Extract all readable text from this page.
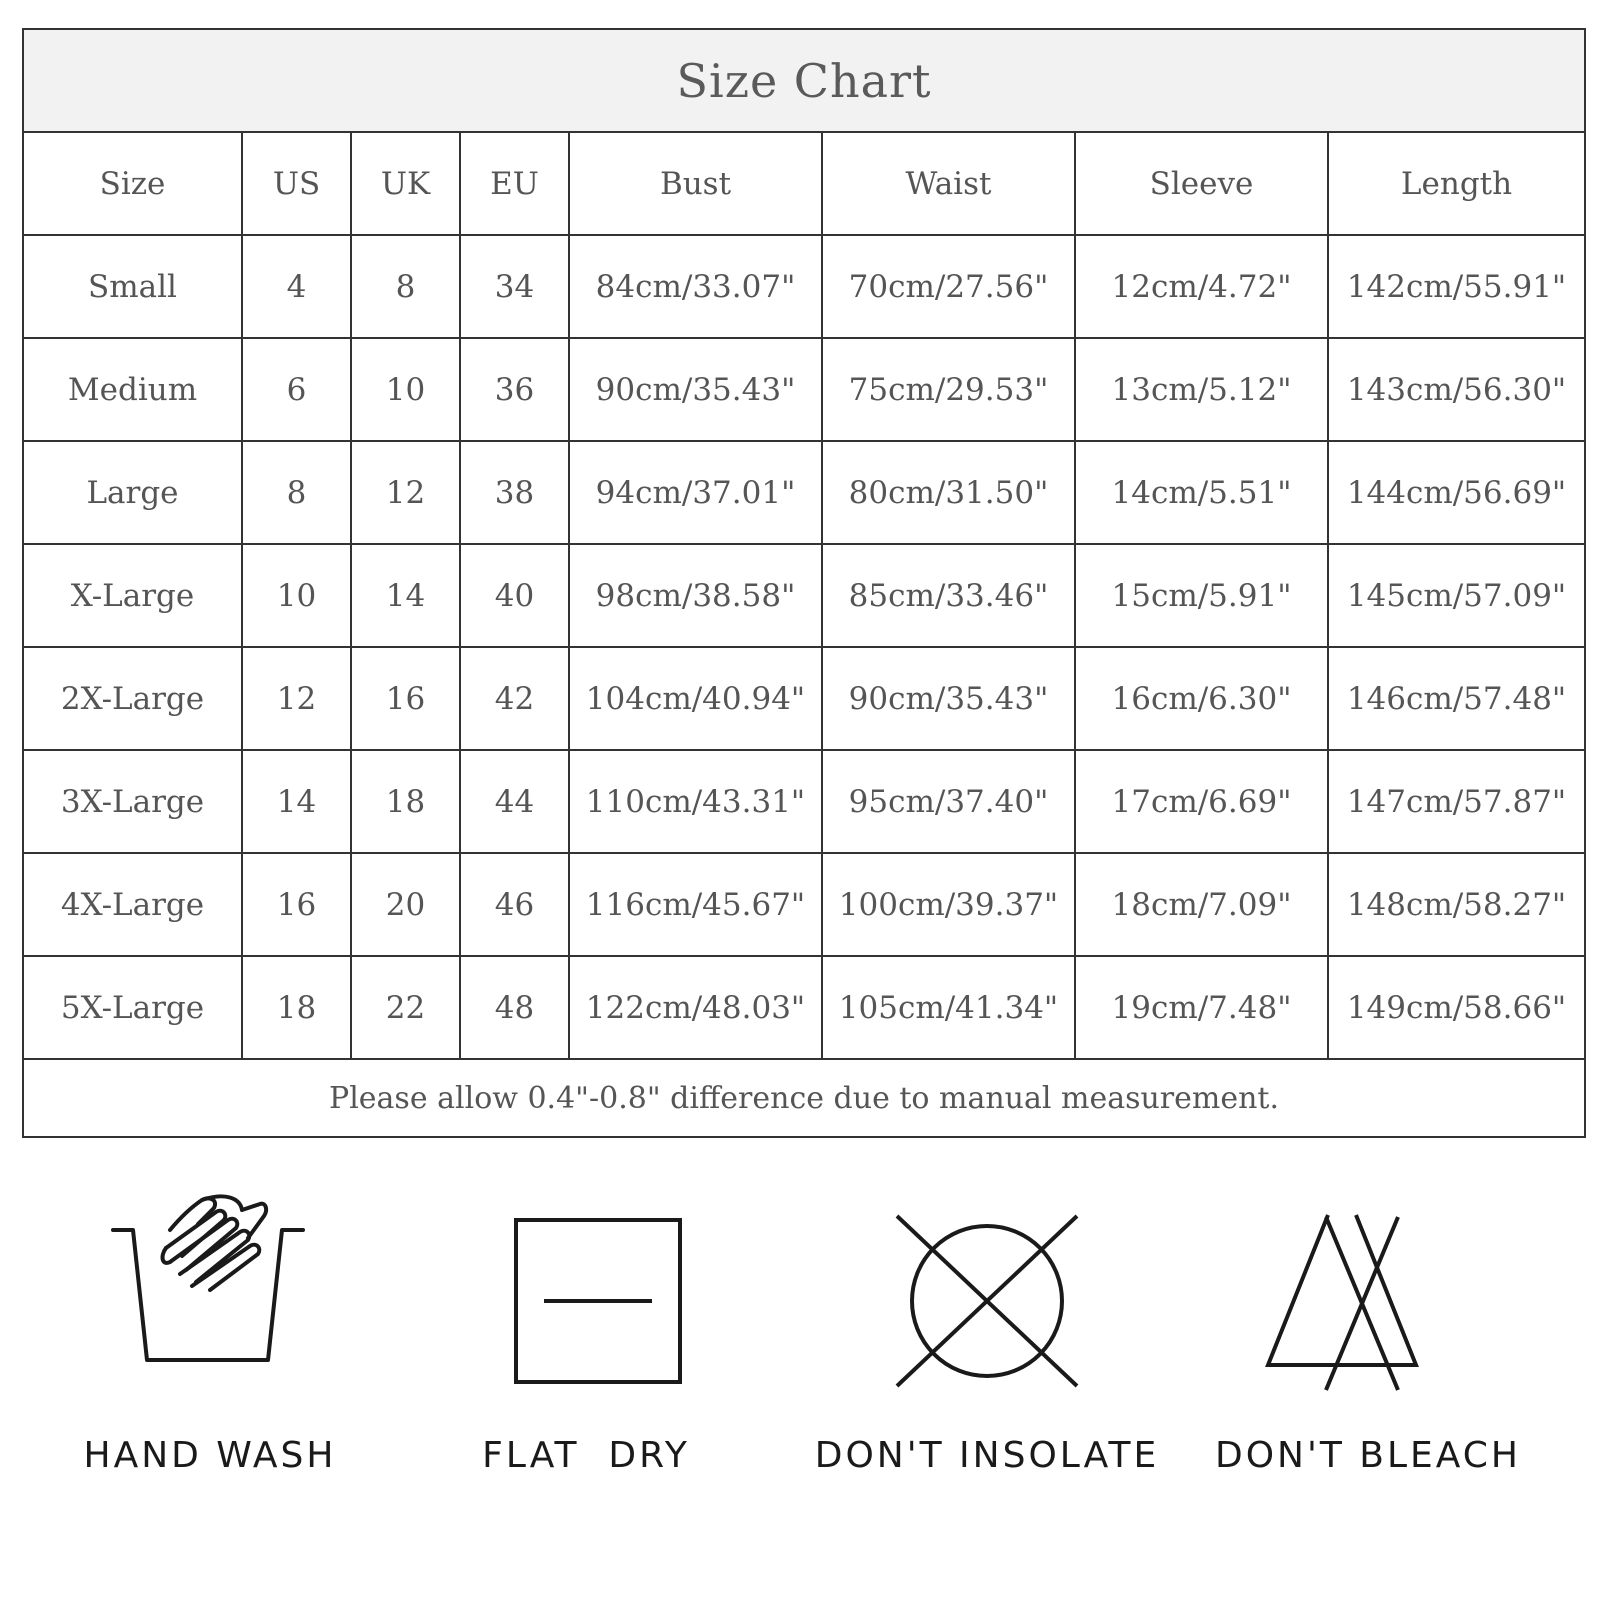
Size Chart							
Size	US	UK	EU	Bust	Waist	Sleeve	Length
Small	4	8	34	84cm/33.07"	70cm/27.56"	12cm/4.72"	142cm/55.91"
Medium	6	10	36	90cm/35.43"	75cm/29.53"	13cm/5.12"	143cm/56.30"
Large	8	12	38	94cm/37.01"	80cm/31.50"	14cm/5.51"	144cm/56.69"
X-Large	10	14	40	98cm/38.58"	85cm/33.46"	15cm/5.91"	145cm/57.09"
2X-Large	12	16	42	104cm/40.94"	90cm/35.43"	16cm/6.30"	146cm/57.48"
3X-Large	14	18	44	110cm/43.31"	95cm/37.40"	17cm/6.69"	147cm/57.87"
4X-Large	16	20	46	116cm/45.67"	100cm/39.37"	18cm/7.09"	148cm/58.27"
5X-Large	18	22	48	122cm/48.03"	105cm/41.34"	19cm/7.48"	149cm/58.66"
Please allow 0.4"-0.8" difference due to manual measurement.							
HAND WASH	FLAT  DRY	DON'T INSOLATE	DON'T BLEACH
